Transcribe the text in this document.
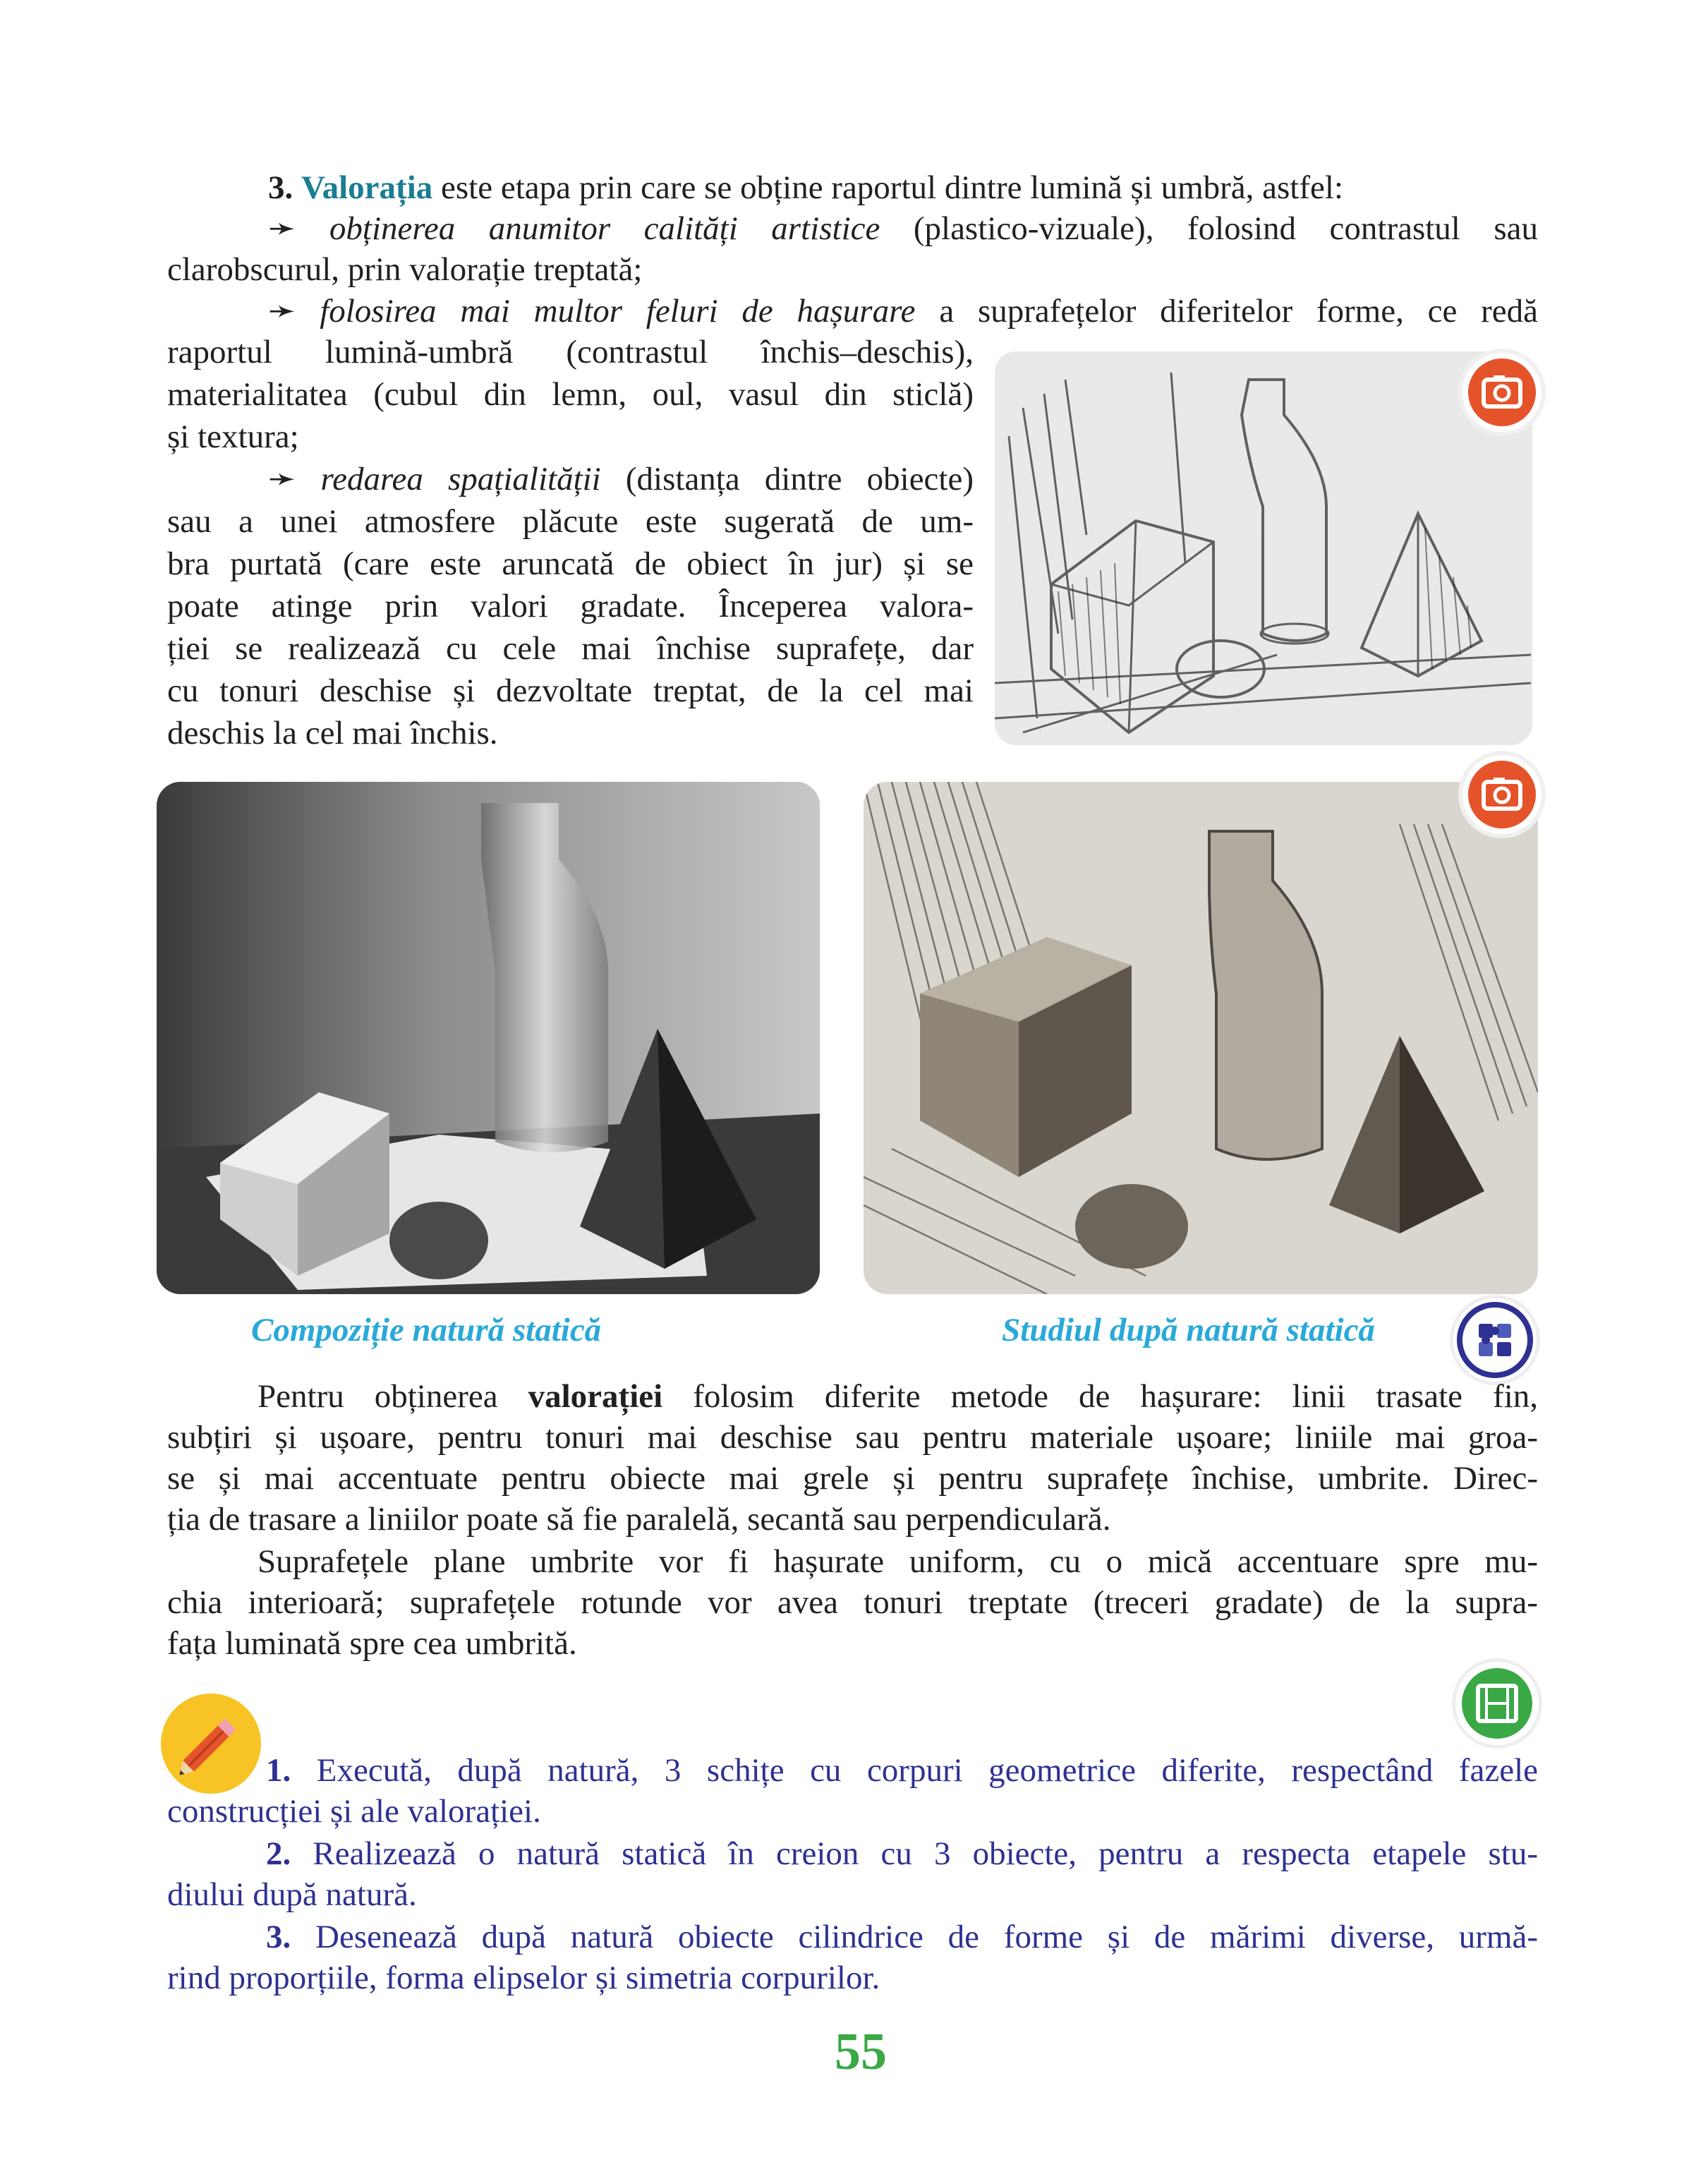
3. Valorația este etapa prin care se obține raportul dintre lumină și umbră, astfel:

➛ obținerea anumitor calități artistice (plastico-vizuale), folosind contrastul sau

clarobscurul, prin valorație treptată;

➛ folosirea mai multor feluri de hașurare a suprafețelor diferitelor forme, ce redă

raportul lumină-umbră (contrastul închis–deschis),

materialitatea (cubul din lemn, oul, vasul din sticlă)

și textura;

➛ redarea spațialității (distanța dintre obiecte)

sau a unei atmosfere plăcute este sugerată de um-

bra purtată (care este aruncată de obiect în jur) și se

poate atinge prin valori gradate. Începerea valora-

ției se realizează cu cele mai închise suprafețe, dar

cu tonuri deschise și dezvoltate treptat, de la cel mai

deschis la cel mai închis.

Compoziție natură statică	Studiul după natură statică

Pentru obținerea valorației folosim diferite metode de hașurare: linii trasate fin,

subțiri și ușoare, pentru tonuri mai deschise sau pentru materiale ușoare; liniile mai groa-

se și mai accentuate pentru obiecte mai grele și pentru suprafețe închise, umbrite. Direc-

ția de trasare a liniilor poate să fie paralelă, secantă sau perpendiculară.

Suprafețele plane umbrite vor fi hașurate uniform, cu o mică accentuare spre mu-

chia interioară; suprafețele rotunde vor avea tonuri treptate (treceri gradate) de la supra-

fața luminată spre cea umbrită.

1. Execută, după natură, 3 schițe cu corpuri geometrice diferite, respectând fazele

construcției și ale valorației.

2. Realizează o natură statică în creion cu 3 obiecte, pentru a respecta etapele stu-

diului după natură.

3. Desenează după natură obiecte cilindrice de forme și de mărimi diverse, urmă-

rind proporțiile, forma elipselor și simetria corpurilor.

55
